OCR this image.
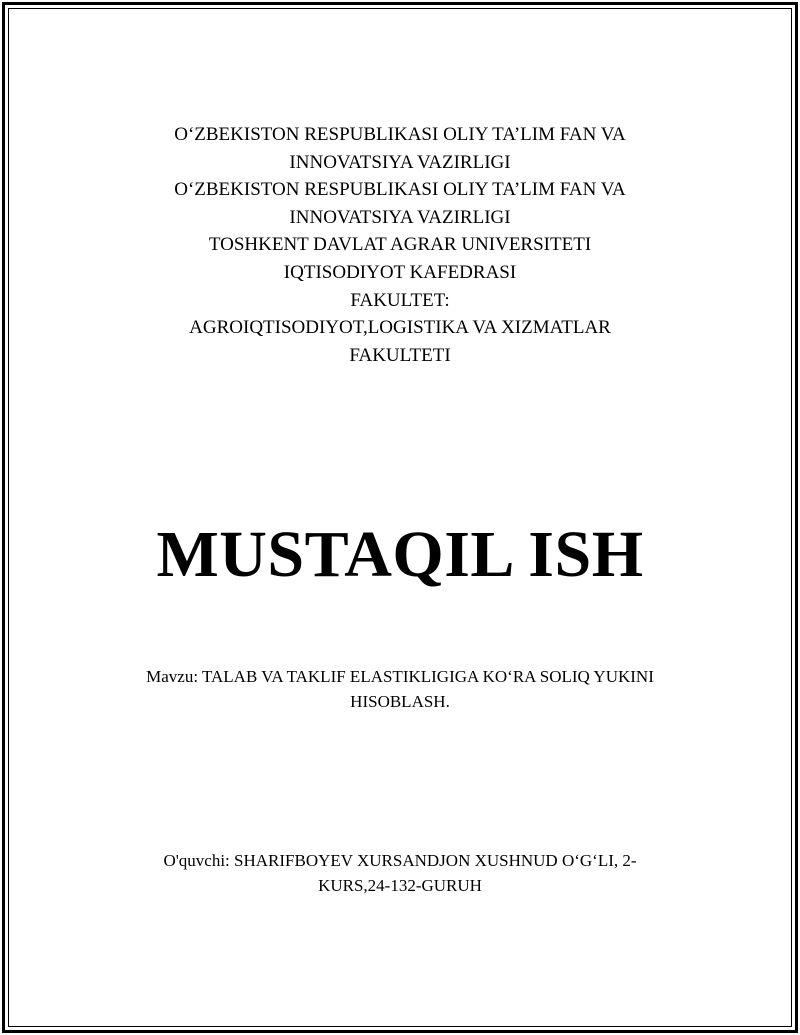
O‘ZBEKISTON RESPUBLIKASI OLIY TA’LIM FAN VA
INNOVATSIYA VAZIRLIGI
O‘ZBEKISTON RESPUBLIKASI OLIY TA’LIM FAN VA
INNOVATSIYA VAZIRLIGI
TOSHKENT DAVLAT AGRAR UNIVERSITETI
IQTISODIYOT KAFEDRASI
FAKULTET:
AGROIQTISODIYOT,LOGISTIKA VA XIZMATLAR
FAKULTETI
MUSTAQIL ISH
Mavzu: TALAB VA TAKLIF ELASTIKLIGIGA KO‘RA SOLIQ YUKINI
HISOBLASH.
O'quvchi: SHARIFBOYEV XURSANDJON XUSHNUD O‘G‘LI, 2-
KURS,24-132-GURUH
